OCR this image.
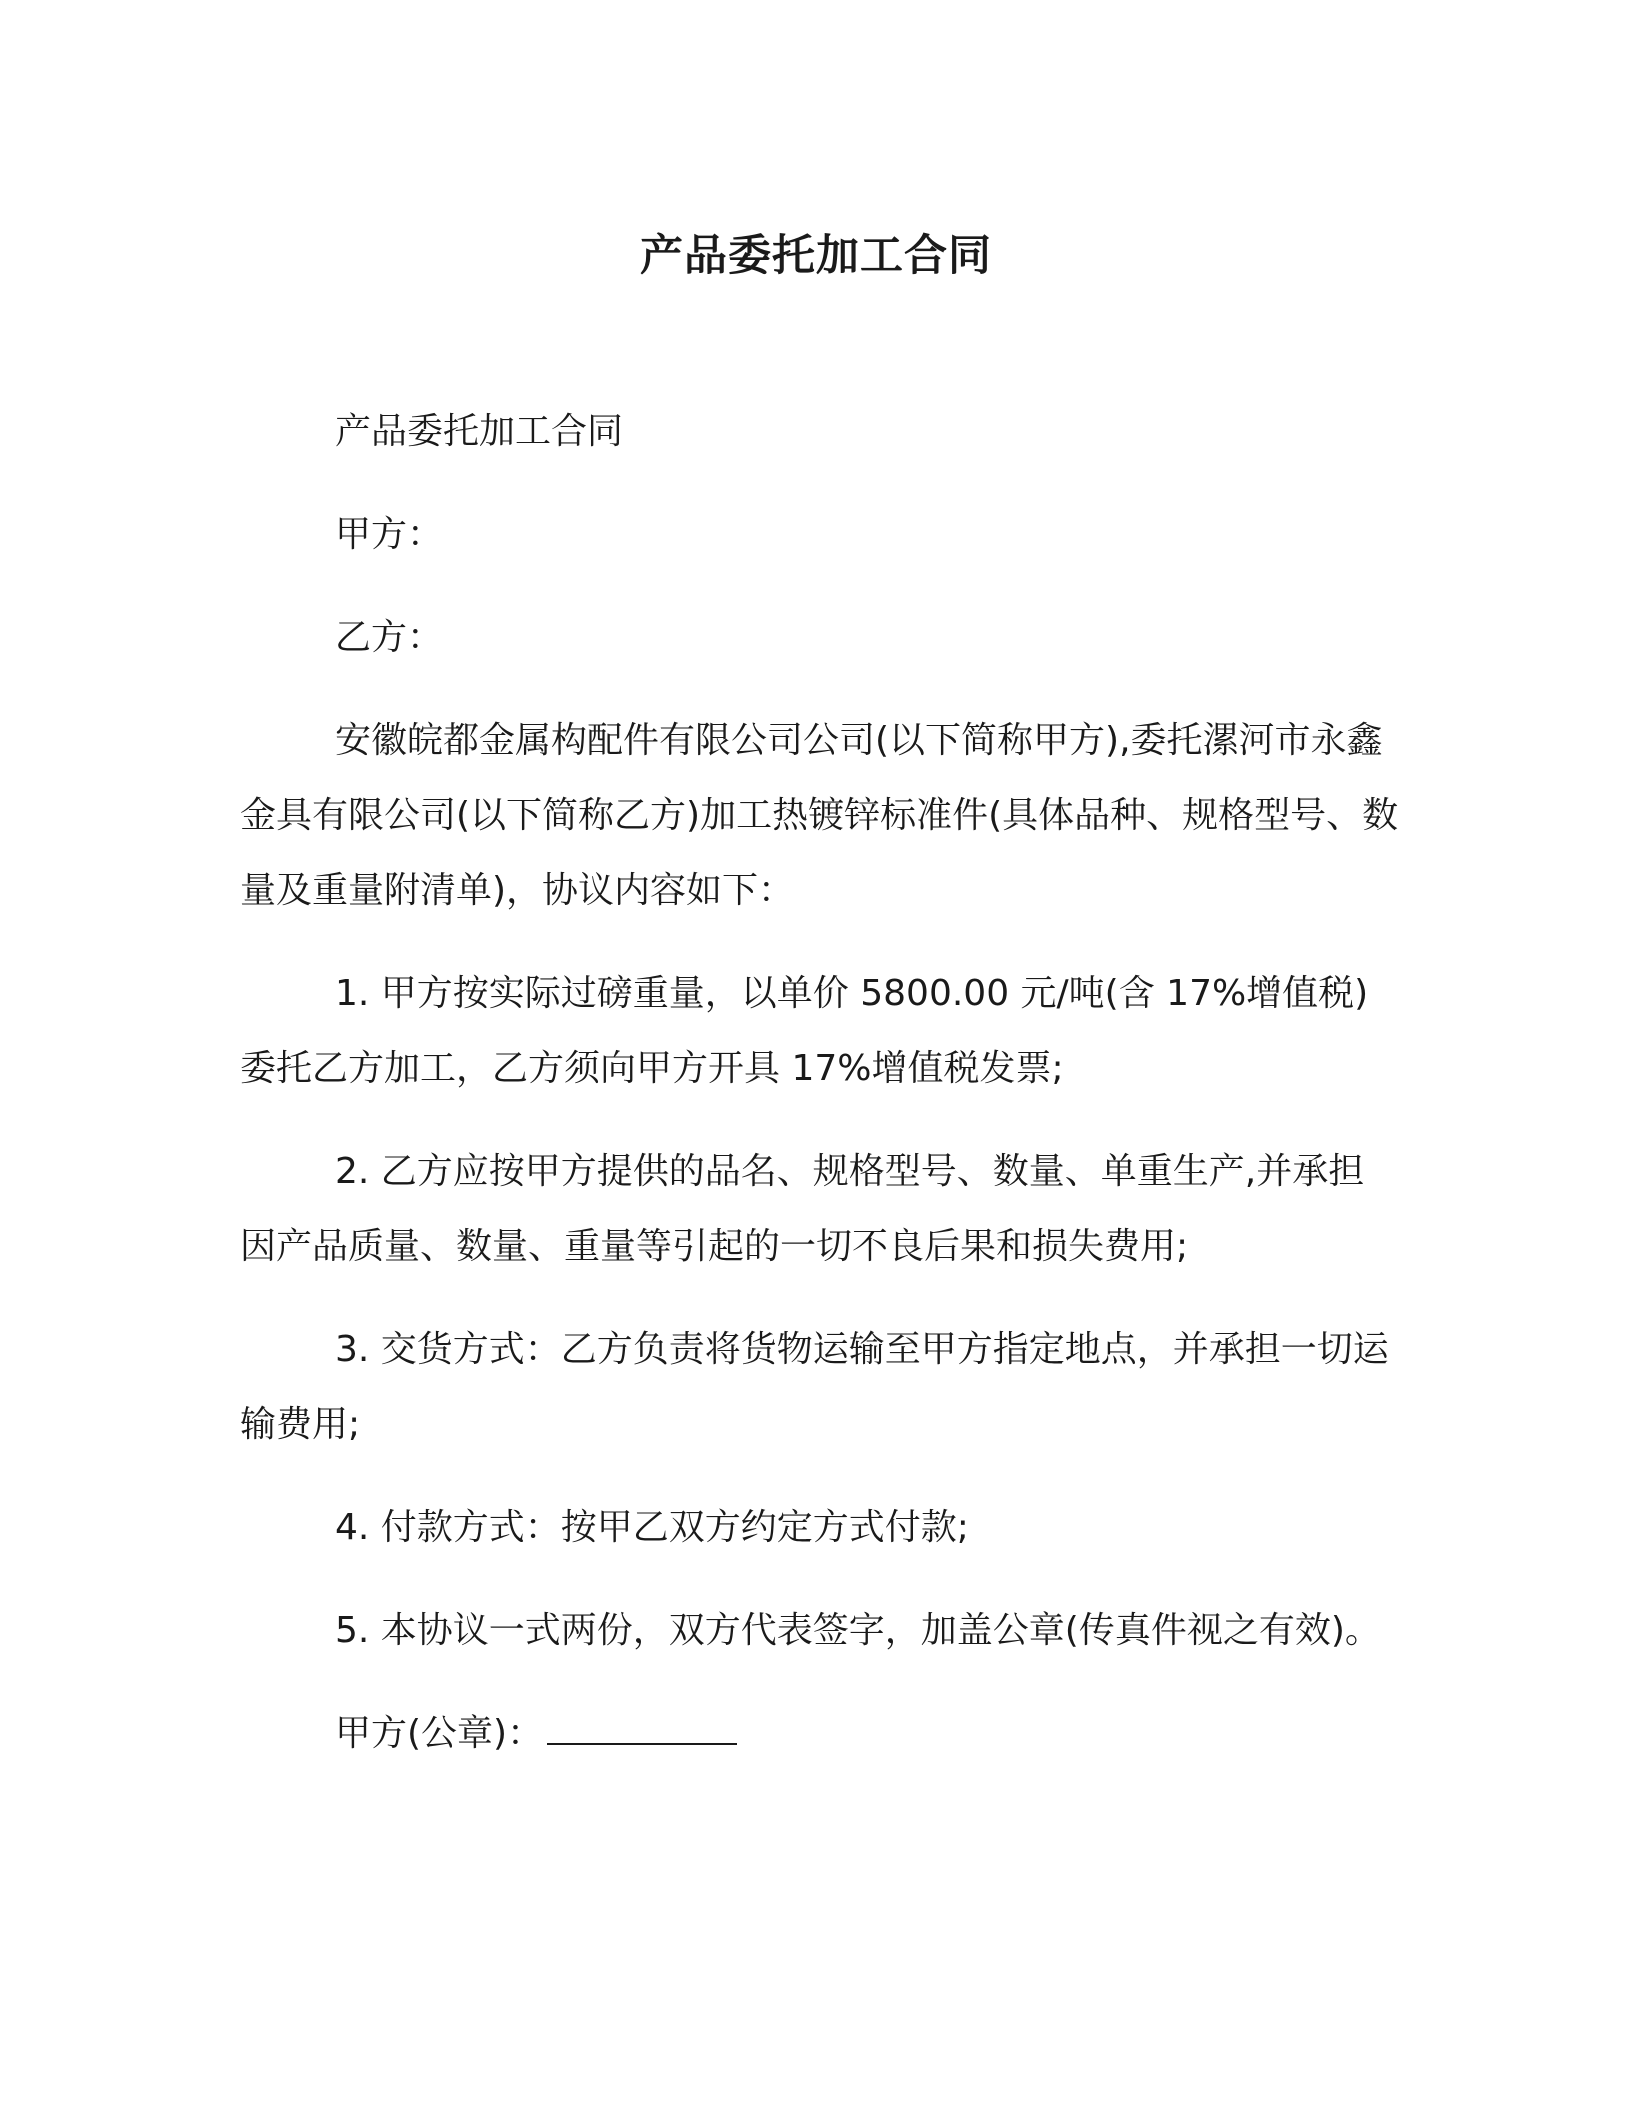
产品委托加工合同

产品委托加工合同

甲方：

乙方：

安徽皖都金属构配件有限公司公司(以下简称甲方),委托漯河市永鑫金具有限公司(以下简称乙方)加工热镀锌标准件(具体品种、规格型号、数量及重量附清单)，协议内容如下：

1. 甲方按实际过磅重量，以单价 5800.00 元/吨(含 17%增值税)委托乙方加工，乙方须向甲方开具 17%增值税发票;

2. 乙方应按甲方提供的品名、规格型号、数量、单重生产,并承担因产品质量、数量、重量等引起的一切不良后果和损失费用;

3. 交货方式：乙方负责将货物运输至甲方指定地点，并承担一切运输费用;

4. 付款方式：按甲乙双方约定方式付款;

5. 本协议一式两份，双方代表签字，加盖公章(传真件视之有效)。

甲方(公章)：
